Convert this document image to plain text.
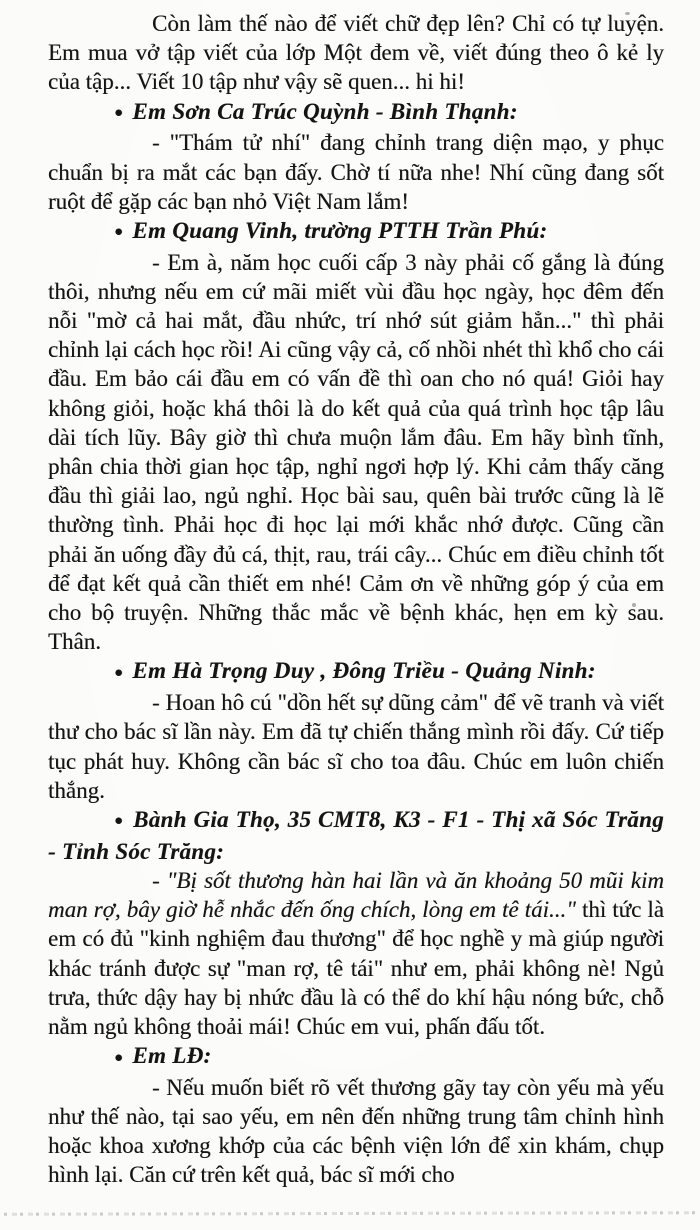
Còn làm thế nào để viết chữ đẹp lên? Chỉ có tự luyện. Em mua vở tập viết của lớp Một đem về, viết đúng theo ô kẻ ly của tập... Viết 10 tập như vậy sẽ quen... hi hi!

● Em Sơn Ca Trúc Quỳnh - Bình Thạnh:

- "Thám tử nhí" đang chỉnh trang diện mạo, y phục chuẩn bị ra mắt các bạn đấy. Chờ tí nữa nhe! Nhí cũng đang sốt ruột để gặp các bạn nhỏ Việt Nam lắm!

● Em Quang Vinh, trường PTTH Trần Phú:

- Em à, năm học cuối cấp 3 này phải cố gắng là đúng thôi, nhưng nếu em cứ mãi miết vùi đầu học ngày, học đêm đến nỗi "mờ cả hai mắt, đầu nhức, trí nhớ sút giảm hẳn..." thì phải chỉnh lại cách học rồi! Ai cũng vậy cả, cố nhồi nhét thì khổ cho cái đầu. Em bảo cái đầu em có vấn đề thì oan cho nó quá! Giỏi hay không giỏi, hoặc khá thôi là do kết quả của quá trình học tập lâu dài tích lũy. Bây giờ thì chưa muộn lắm đâu. Em hãy bình tĩnh, phân chia thời gian học tập, nghỉ ngơi hợp lý. Khi cảm thấy căng đầu thì giải lao, ngủ nghỉ. Học bài sau, quên bài trước cũng là lẽ thường tình. Phải học đi học lại mới khắc nhớ được. Cũng cần phải ăn uống đầy đủ cá, thịt, rau, trái cây... Chúc em điều chỉnh tốt để đạt kết quả cần thiết em nhé! Cảm ơn về những góp ý của em cho bộ truyện. Những thắc mắc về bệnh khác, hẹn em kỳ sau. Thân.

● Em Hà Trọng Duy , Đông Triều - Quảng Ninh:

- Hoan hô cú "dồn hết sự dũng cảm" để vẽ tranh và viết thư cho bác sĩ lần này. Em đã tự chiến thắng mình rồi đấy. Cứ tiếp tục phát huy. Không cần bác sĩ cho toa đâu. Chúc em luôn chiến thắng.

● Bành Gia Thọ, 35 CMT8, K3 - F1 - Thị xã Sóc Trăng - Tỉnh Sóc Trăng:

- "Bị sốt thương hàn hai lần và ăn khoảng 50 mũi kim man rợ, bây giờ hễ nhắc đến ống chích, lòng em tê tái..." thì tức là em có đủ "kinh nghiệm đau thương" để học nghề y mà giúp người khác tránh được sự "man rợ, tê tái" như em, phải không nè! Ngủ trưa, thức dậy hay bị nhức đầu là có thể do khí hậu nóng bức, chỗ nằm ngủ không thoải mái! Chúc em vui, phấn đấu tốt.

● Em LĐ:

- Nếu muốn biết rõ vết thương gãy tay còn yếu mà yếu như thế nào, tại sao yếu, em nên đến những trung tâm chỉnh hình hoặc khoa xương khớp của các bệnh viện lớn để xin khám, chụp hình lại. Căn cứ trên kết quả, bác sĩ mới cho
